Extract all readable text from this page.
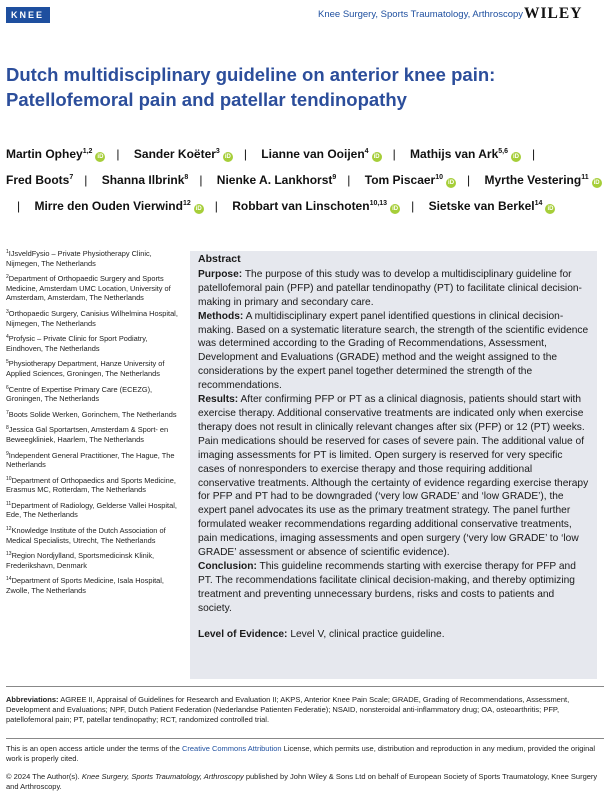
KNEE	Knee Surgery, Sports Traumatology, Arthroscopy WILEY
Dutch multidisciplinary guideline on anterior knee pain: Patellofemoral pain and patellar tendinopathy
Martin Ophey$^{1,2}$iD | Sander Koëter$^3$iD | Lianne van Ooijen$^4$iD | Mathijs van Ark$^{5,6}$iD | Fred Boots$^7$ | Shanna Ilbrink$^8$ | Nienke A. Lankhorst$^9$ | Tom Piscaer$^{10}$iD | Myrthe Vestering$^{11}$iD| Mirre den Ouden Vierwind$^{12}$iD | Robbart van Linschoten$^{10,13}$iD | Sietske van Berkel$^{14}$iD
$^1$IJsveldFysio – Private Physiotherapy Clinic, Nijmegen, The Netherlands
$^2$Department of Orthopaedic Surgery and Sports Medicine, Amsterdam UMC Location, University of Amsterdam, Amsterdam, The Netherlands
$^3$Orthopaedic Surgery, Canisius Wilhelmina Hospital, Nijmegen, The Netherlands
$^4$Profysic – Private Clinic for Sport Podiatry, Eindhoven, The Netherlands
$^5$Physiotherapy Department, Hanze University of Applied Sciences, Groningen, The Netherlands
$^6$Centre of Expertise Primary Care (ECEZG), Groningen, The Netherlands
$^7$Boots Solide Werken, Gorinchem, The Netherlands
$^8$Jessica Gal Sportartsen, Amsterdam & Sport- en Beweegkliniek, Haarlem, The Netherlands
$^9$Independent General Practitioner, The Hague, The Netherlands
$^{10}$Department of Orthopaedics and Sports Medicine, Erasmus MC, Rotterdam, The Netherlands
$^{11}$Department of Radiology, Gelderse Vallei Hospital, Ede, The Netherlands
$^{12}$Knowledge Institute of the Dutch Association of Medical Specialists, Utrecht, The Netherlands
$^{13}$Region Nordjylland, Sportsmedicinsk Klinik, Frederikshavn, Denmark
$^{14}$Department of Sports Medicine, Isala Hospital, Zwolle, The Netherlands
Abstract

Purpose: The purpose of this study was to develop a multidisciplinary guideline for patellofemoral pain (PFP) and patellar tendinopathy (PT) to facilitate clinical decision-making in primary and secondary care.

Methods: A multidisciplinary expert panel identified questions in clinical decision-making. Based on a systematic literature search, the strength of the scientific evidence was determined according to the Grading of Recommendations, Assessment, Development and Evaluations (GRADE) method and the weight assigned to the considerations by the expert panel together determined the strength of the recommendations.

Results: After confirming PFP or PT as a clinical diagnosis, patients should start with exercise therapy. Additional conservative treatments are indicated only when exercise therapy does not result in clinically relevant changes after six (PFP) or 12 (PT) weeks. Pain medications should be reserved for cases of severe pain. The additional value of imaging assessments for PT is limited. Open surgery is reserved for very specific cases of nonresponders to exercise therapy and those requiring additional conservative treatments. Although the certainty of evidence regarding exercise therapy for PFP and PT had to be downgraded (‘very low GRADE’ and ‘low GRADE’), the expert panel advocates its use as the primary treatment strategy. The panel further formulated weaker recommendations regarding additional conservative treatments, pain medications, imaging assessments and open surgery (‘very low GRADE’ to ‘low GRADE’ assessment or absence of scientific evidence).

Conclusion: This guideline recommends starting with exercise therapy for PFP and PT. The recommendations facilitate clinical decision-making, and thereby optimizing treatment and preventing unnecessary burdens, risks and costs to patients and society.

Level of Evidence: Level V, clinical practice guideline.

Abbreviations: AGREE II, Appraisal of Guidelines for Research and Evaluation II; AKPS, Anterior Knee Pain Scale; GRADE, Grading of Recommendations, Assessment, Development and Evaluations; NPF, Dutch Patient Federation (Nederlandse Patienten Federatie); NSAID, nonsteroidal anti-inflammatory drug; OA, osteoarthritis; PFP, patellofemoral pain; PT, patellar tendinopathy; RCT, randomized controlled trial.
This is an open access article under the terms of the Creative Commons Attribution License, which permits use, distribution and reproduction in any medium, provided the original work is properly cited.
© 2024 The Author(s). Knee Surgery, Sports Traumatology, Arthroscopy published by John Wiley & Sons Ltd on behalf of European Society of Sports Traumatology, Knee Surgery and Arthroscopy.
